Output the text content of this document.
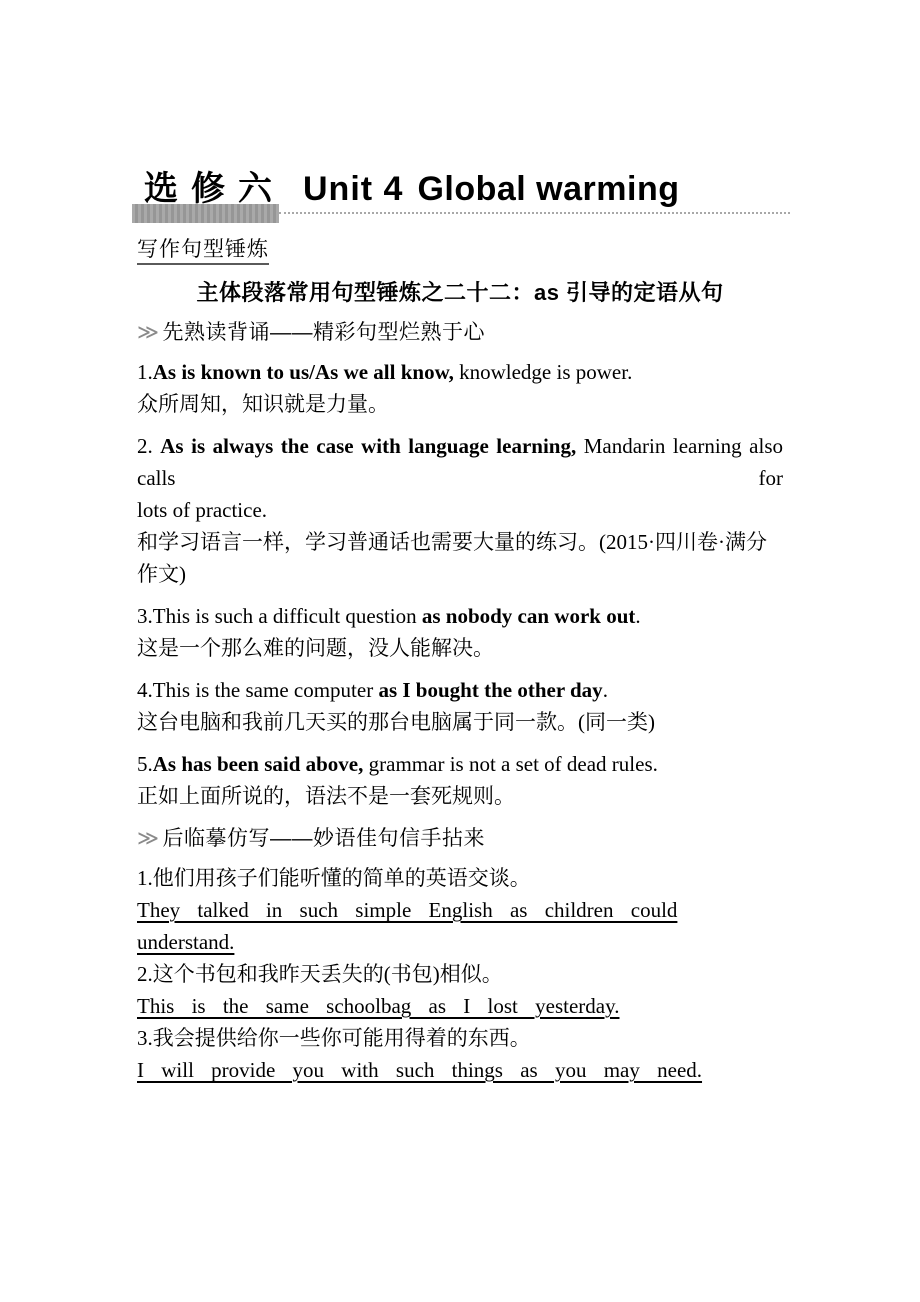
选修六 Unit 4 Global warming
写作句型锤炼
主体段落常用句型锤炼之二十二：as 引导的定语从句
≫ 先熟读背诵——精彩句型烂熟于心

1.As is known to us/As we all know, knowledge is power.

众所周知，知识就是力量。

2. As is always the case with language learning, Mandarin learning also calls for

lots of practice.

和学习语言一样，学习普通话也需要大量的练习。(2015·四川卷·满分作文)

3.This is such a difficult question as nobody can work out.

这是一个那么难的问题，没人能解决。

4.This is the same computer as I bought the other day.

这台电脑和我前几天买的那台电脑属于同一款。(同一类)

5.As has been said above, grammar is not a set of dead rules.

正如上面所说的，语法不是一套死规则。

≫ 后临摹仿写——妙语佳句信手拈来

1.他们用孩子们能听懂的简单的英语交谈。

They talked in such simple English as children could understand.

2.这个书包和我昨天丢失的(书包)相似。

This is the same schoolbag as I lost yesterday.

3.我会提供给你一些你可能用得着的东西。

I will provide you with such things as you may need.
